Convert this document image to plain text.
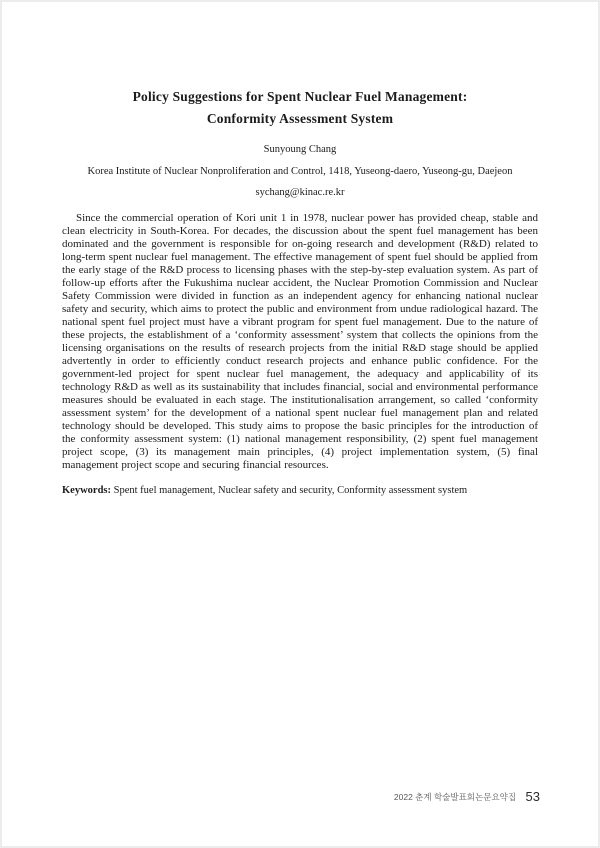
Policy Suggestions for Spent Nuclear Fuel Management:
Conformity Assessment System
Sunyoung Chang
Korea Institute of Nuclear Nonproliferation and Control, 1418, Yuseong-daero, Yuseong-gu, Daejeon
sychang@kinac.re.kr

Since the commercial operation of Kori unit 1 in 1978, nuclear power has provided cheap, stable and clean electricity in South-Korea. For decades, the discussion about the spent fuel management has been dominated and the government is responsible for on-going research and development (R&D) related to long-term spent nuclear fuel management. The effective management of spent fuel should be applied from the early stage of the R&D process to licensing phases with the step-by-step evaluation system. As part of follow-up efforts after the Fukushima nuclear accident, the Nuclear Promotion Commission and Nuclear Safety Commission were divided in function as an independent agency for enhancing national nuclear safety and security, which aims to protect the public and environment from undue radiological hazard. The national spent fuel project must have a vibrant program for spent fuel management. Due to the nature of these projects, the establishment of a ‘conformity assessment’ system that collects the opinions from the licensing organisations on the results of research projects from the initial R&D stage should be applied advertently in order to efficiently conduct research projects and enhance public confidence. For the government-led project for spent nuclear fuel management, the adequacy and applicability of its technology R&D as well as its sustainability that includes financial, social and environmental performance measures should be evaluated in each stage. The institutionalisation arrangement, so called ‘conformity assessment system’ for the development of a national spent nuclear fuel management plan and related technology should be developed. This study aims to propose the basic principles for the introduction of the conformity assessment system: (1) national management responsibility, (2) spent fuel management project scope, (3) its management main principles, (4) project implementation system, (5) final management project scope and securing financial resources.

Keywords: Spent fuel management, Nuclear safety and security, Conformity assessment system
2022 춘계 학술발표회논문요약집 53
